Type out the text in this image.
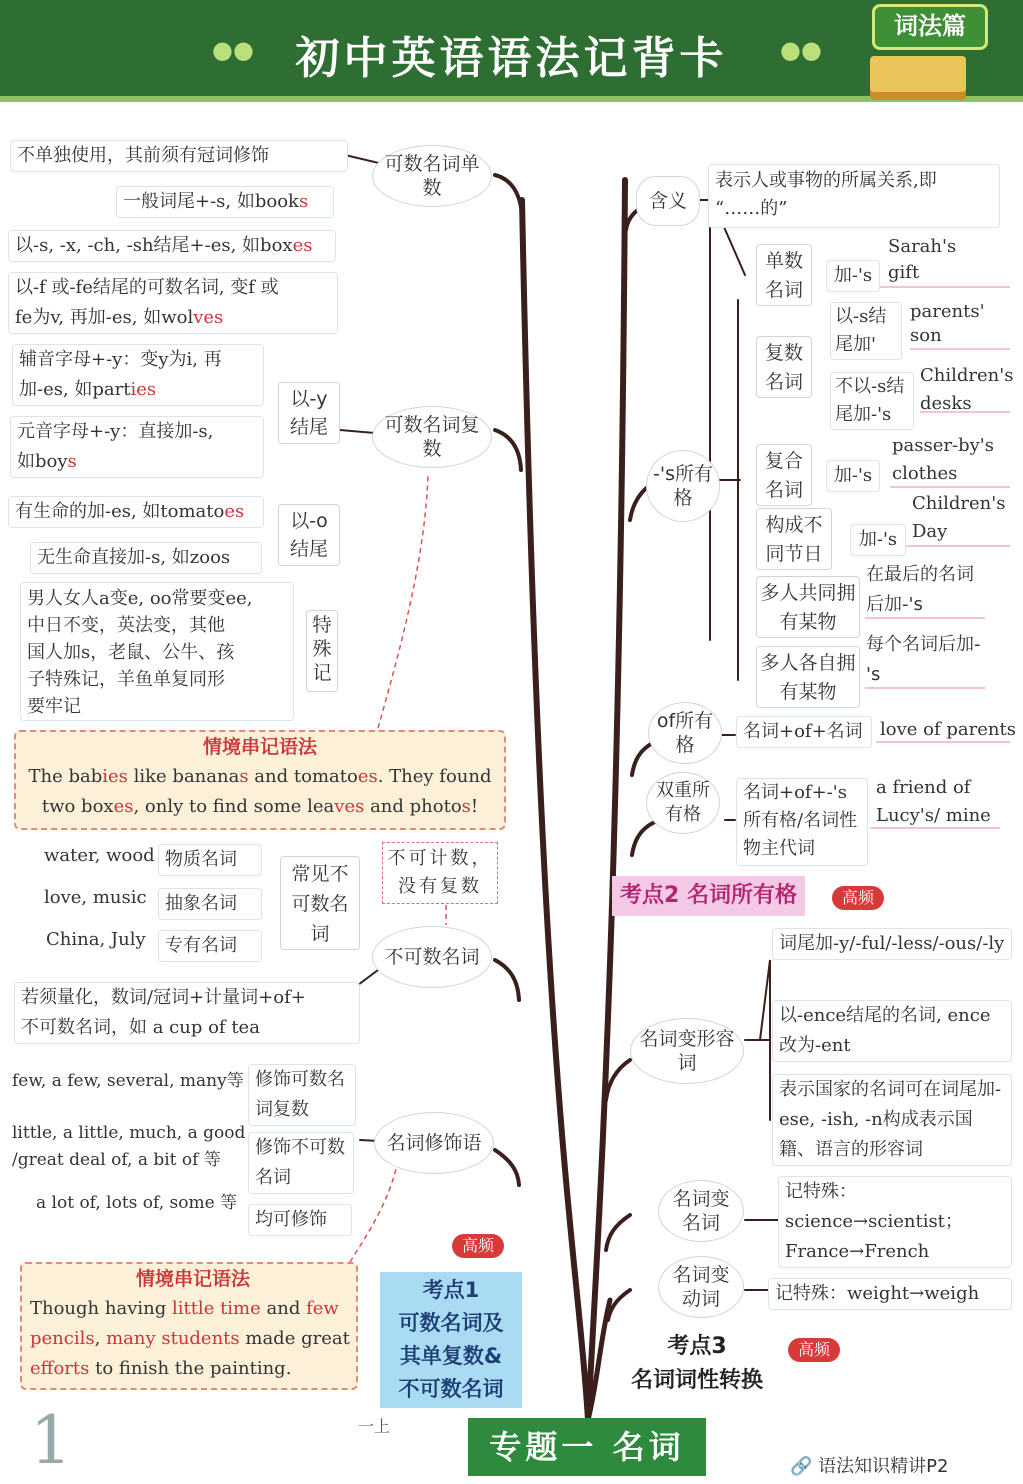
初中英语语法记背卡
●●	●●
词法篇
不单独使用，其前须有冠词修饰	可数名词单数
一般词尾+-s, 如books
以-s, -x, -ch, -sh结尾+-es, 如boxes
以-f 或-fe结尾的可数名词, 变f 或
fe为v, 再加-es, 如wolves
辅音字母+-y：变y为i, 再
加-es, 如parties
元音字母+-y：直接加-s,
如boys
以-y结尾	可数名词复数
有生命的加-es, 如tomatoes
无生命直接加-s, 如zoos
以-o结尾
男人女人a变e, oo常要变ee,
中日不变，英法变，其他
国人加s，老鼠、公牛、孩
子特殊记，羊鱼单复同形
要牢记
特殊记
情境串记语法
The babies like bananas and tomatoes. They found
two boxes, only to find some leaves and photos!
water, wood 物质名词
love, music	抽象名词
China, July	专有名词
常见不可数名词
不可计数，没有复数
不可数名词
若须量化，数词/冠词+计量词+of+
不可数名词，如 a cup of tea
few, a few, several, many等 修饰可数名词复数
little, a little, much, a good
/great deal of, a bit of 等
修饰不可数名词
a lot of, lots of, some 等
均可修饰
名词修饰语
情境串记语法
Though having little time and few
pencils, many students made great
efforts to finish the painting.
高频
考点1
可数名词及
其单复数&
不可数名词
含义
表示人或事物的所属关系,即
“……的”
-'s所有格
单数名词
加-'s
Sarah's gift
复数名词
以-s结尾加'
parents' son
不以-s结尾加-'s
Children's desks
复合名词
加-'s
passer-by's clothes
构成不同节日
加-'s
Children's Day
多人共同拥有某物
在最后的名词后加-'s
多人各自拥有某物
每个名词后加-'s
of所有格
名词+of+名词 love of parents
双重所有格
名词+of+-'s所有格/名词性物主代词
a friend of Lucy's/ mine
考点2 名词所有格	高频
名词变形容词
词尾加-y/-ful/-less/-ous/-ly
以-ence结尾的名词, ence改为-ent
表示国家的名词可在词尾加-ese, -ish, -n构成表示国籍、语言的形容词
名词变名词
记特殊：
science→scientist；
France→French
名词变动词	记特殊：weight→weigh
考点3
名词词性转换
高频
1	一上
专题一 名词
🔗 语法知识精讲P2
